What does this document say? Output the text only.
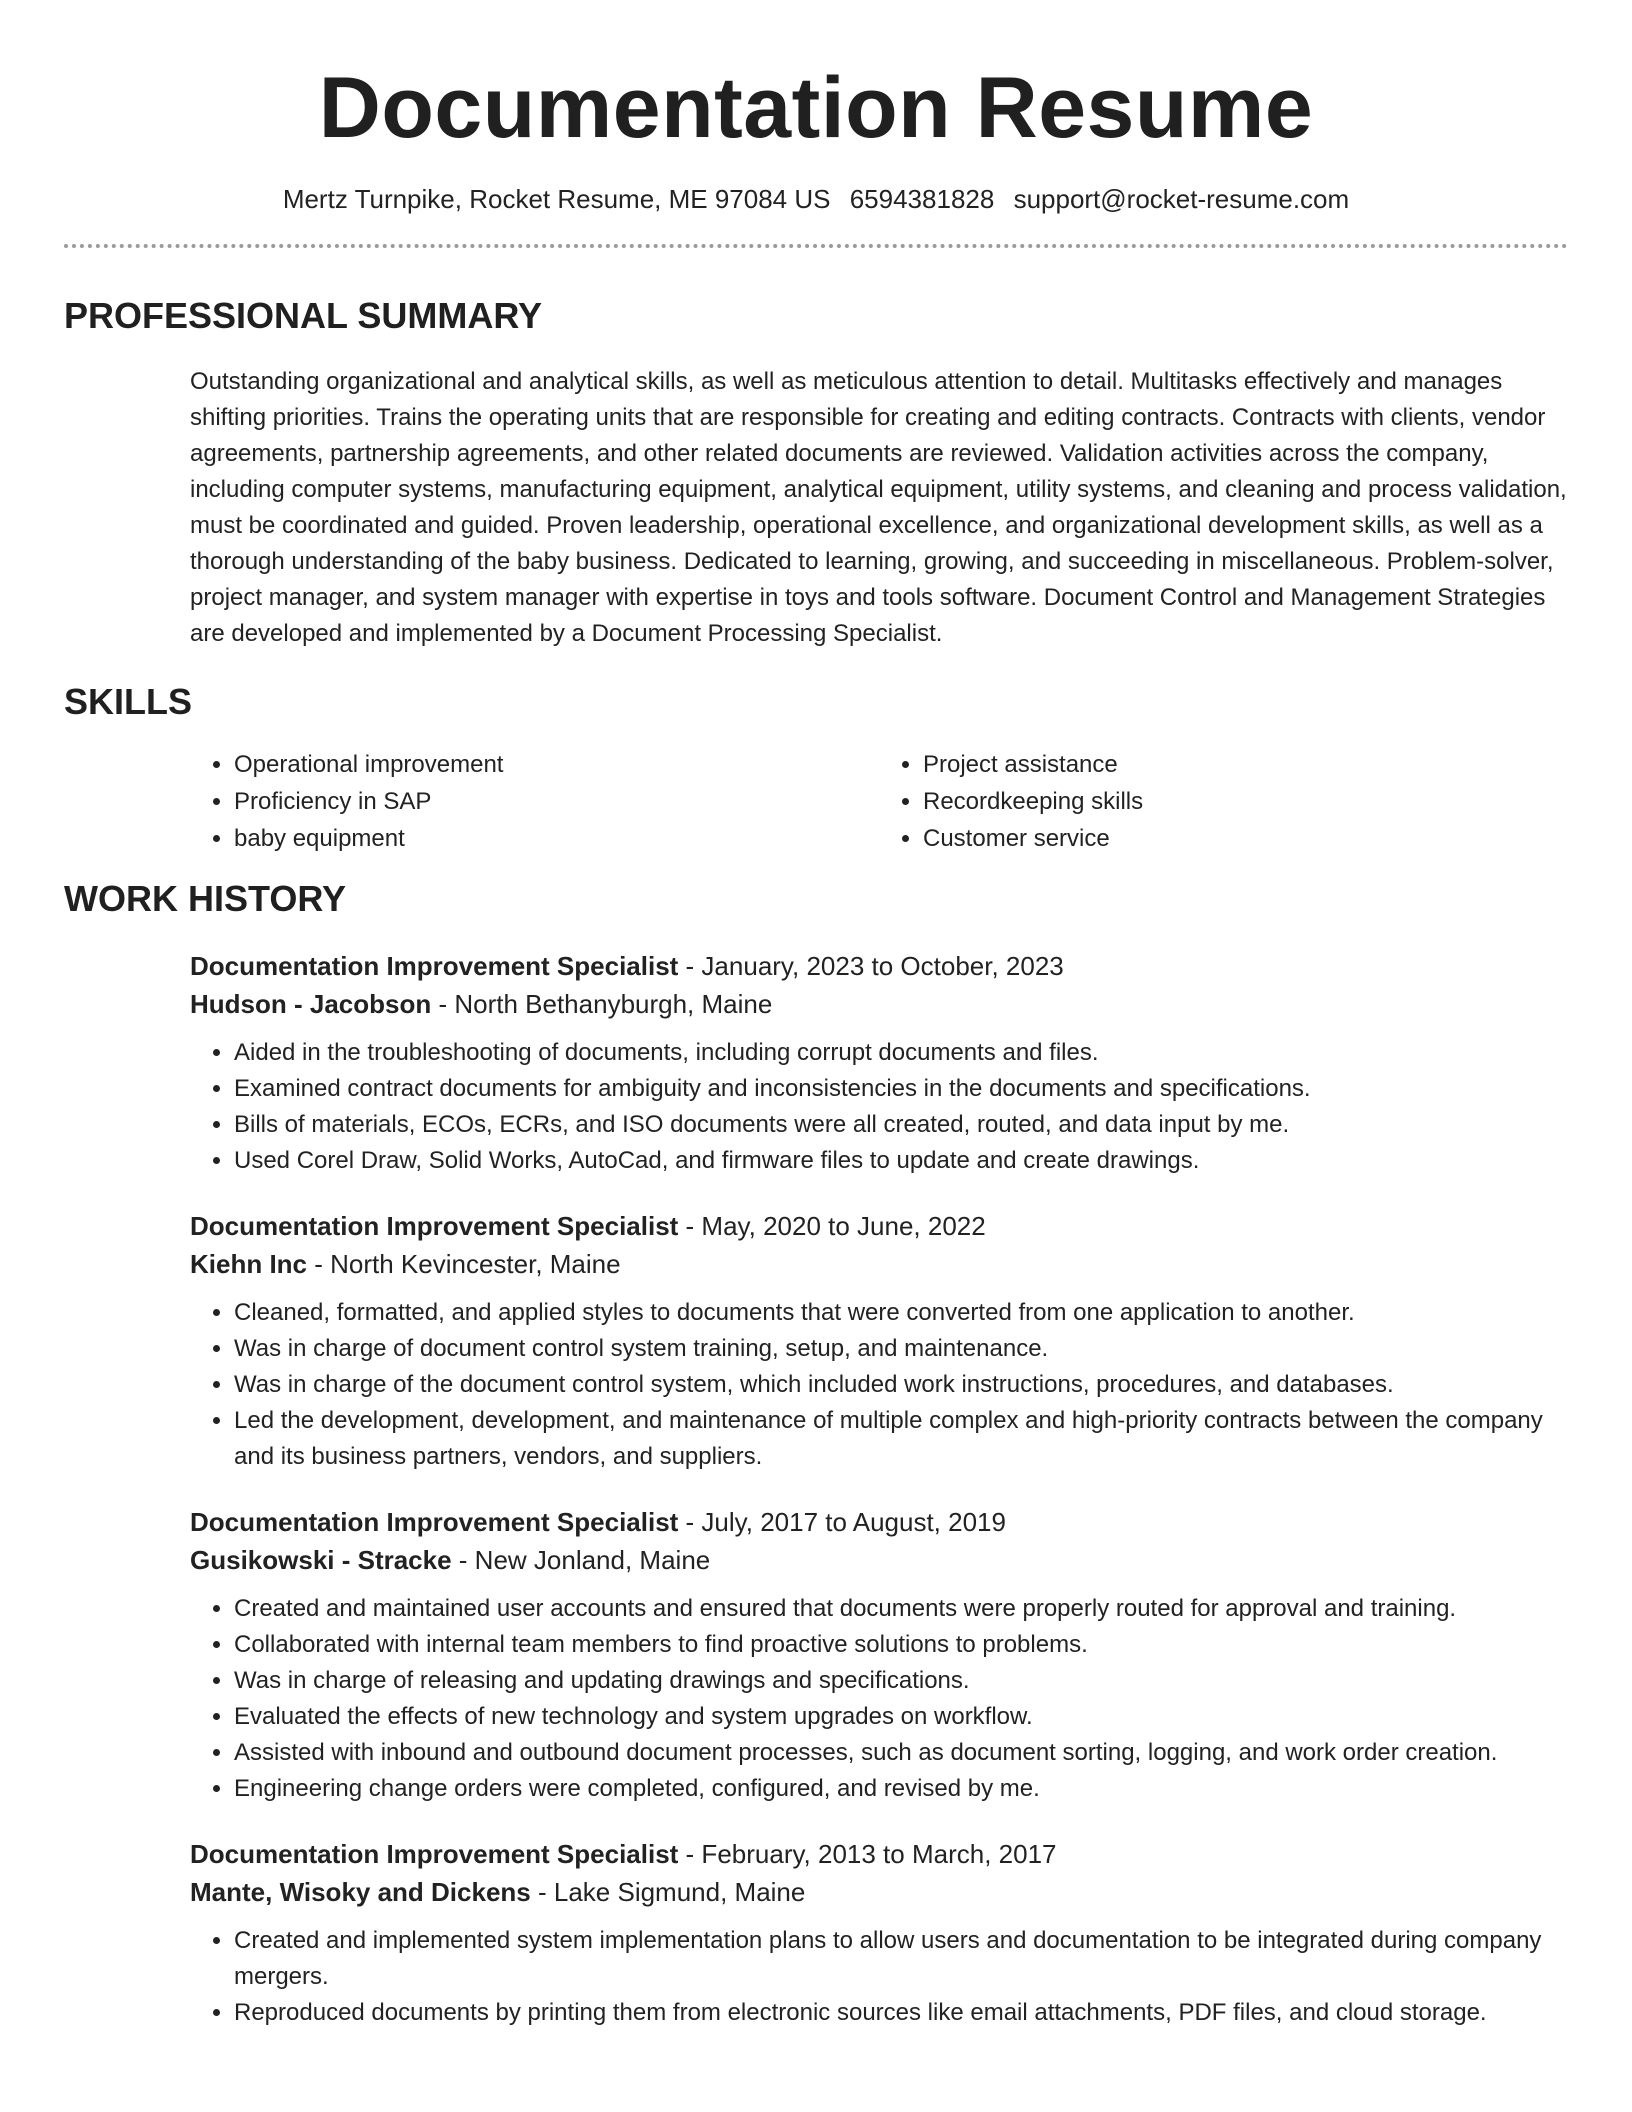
Documentation Resume
Mertz Turnpike, Rocket Resume, ME 97084 US 6594381828 support@rocket-resume.com
PROFESSIONAL SUMMARY
Outstanding organizational and analytical skills, as well as meticulous attention to detail. Multitasks effectively and manages shifting priorities. Trains the operating units that are responsible for creating and editing contracts. Contracts with clients, vendor agreements, partnership agreements, and other related documents are reviewed. Validation activities across the company, including computer systems, manufacturing equipment, analytical equipment, utility systems, and cleaning and process validation, must be coordinated and guided. Proven leadership, operational excellence, and organizational development skills, as well as a thorough understanding of the baby business. Dedicated to learning, growing, and succeeding in miscellaneous. Problem-solver, project manager, and system manager with expertise in toys and tools software. Document Control and Management Strategies are developed and implemented by a Document Processing Specialist.
SKILLS
• Operational improvement
• Proficiency in SAP
• baby equipment
• Project assistance
• Recordkeeping skills
• Customer service
WORK HISTORY
Documentation Improvement Specialist - January, 2023 to October, 2023
Hudson - Jacobson - North Bethanyburgh, Maine
• Aided in the troubleshooting of documents, including corrupt documents and files.
• Examined contract documents for ambiguity and inconsistencies in the documents and specifications.
• Bills of materials, ECOs, ECRs, and ISO documents were all created, routed, and data input by me.
• Used Corel Draw, Solid Works, AutoCad, and firmware files to update and create drawings.
Documentation Improvement Specialist - May, 2020 to June, 2022
Kiehn Inc - North Kevincester, Maine
• Cleaned, formatted, and applied styles to documents that were converted from one application to another.
• Was in charge of document control system training, setup, and maintenance.
• Was in charge of the document control system, which included work instructions, procedures, and databases.
• Led the development, development, and maintenance of multiple complex and high-priority contracts between the company and its business partners, vendors, and suppliers.
Documentation Improvement Specialist - July, 2017 to August, 2019
Gusikowski - Stracke - New Jonland, Maine
• Created and maintained user accounts and ensured that documents were properly routed for approval and training.
• Collaborated with internal team members to find proactive solutions to problems.
• Was in charge of releasing and updating drawings and specifications.
• Evaluated the effects of new technology and system upgrades on workflow.
• Assisted with inbound and outbound document processes, such as document sorting, logging, and work order creation.
• Engineering change orders were completed, configured, and revised by me.
Documentation Improvement Specialist - February, 2013 to March, 2017
Mante, Wisoky and Dickens - Lake Sigmund, Maine
• Created and implemented system implementation plans to allow users and documentation to be integrated during company mergers.
• Reproduced documents by printing them from electronic sources like email attachments, PDF files, and cloud storage.
